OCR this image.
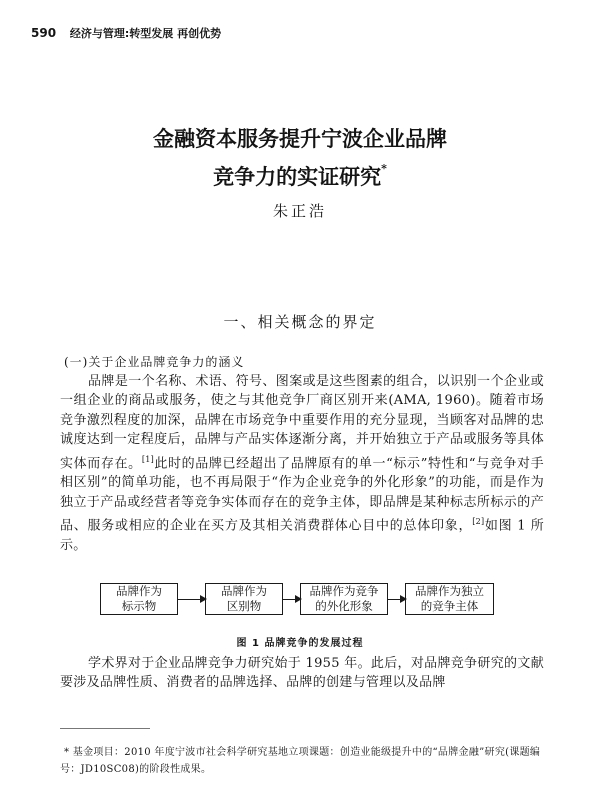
590 经济与管理:转型发展 再创优势
金融资本服务提升宁波企业品牌
竞争力的实证研究*
朱正浩
一、相关概念的界定
(一)关于企业品牌竞争力的涵义

品牌是一个名称、术语、符号、图案或是这些图素的组合，以识别一个企业或一组企业的商品或服务，使之与其他竞争厂商区别开来(AMA, 1960)。随着市场竞争激烈程度的加深，品牌在市场竞争中重要作用的充分显现，当顾客对品牌的忠诚度达到一定程度后，品牌与产品实体逐渐分离，并开始独立于产品或服务等具体实体而存在。[1]此时的品牌已经超出了品牌原有的单一“标示”特性和“与竞争对手相区别”的简单功能，也不再局限于“作为企业竞争的外化形象”的功能，而是作为独立于产品或经营者等竞争实体而存在的竞争主体，即品牌是某种标志所标示的产品、服务或相应的企业在买方及其相关消费群体心目中的总体印象，[2]如图 1 所示。

品牌作为
标示物
品牌作为
区别物
品牌作为竞争
的外化形象
品牌作为独立
的竞争主体
图 1 品牌竞争的发展过程

学术界对于企业品牌竞争力研究始于 1955 年。此后，对品牌竞争研究的文献要涉及品牌性质、消费者的品牌选择、品牌的创建与管理以及品牌

* 基金项目：2010 年度宁波市社会科学研究基地立项课题：创造业能级提升中的“品牌金融”研究(课题编号：JD10SC08)的阶段性成果。
